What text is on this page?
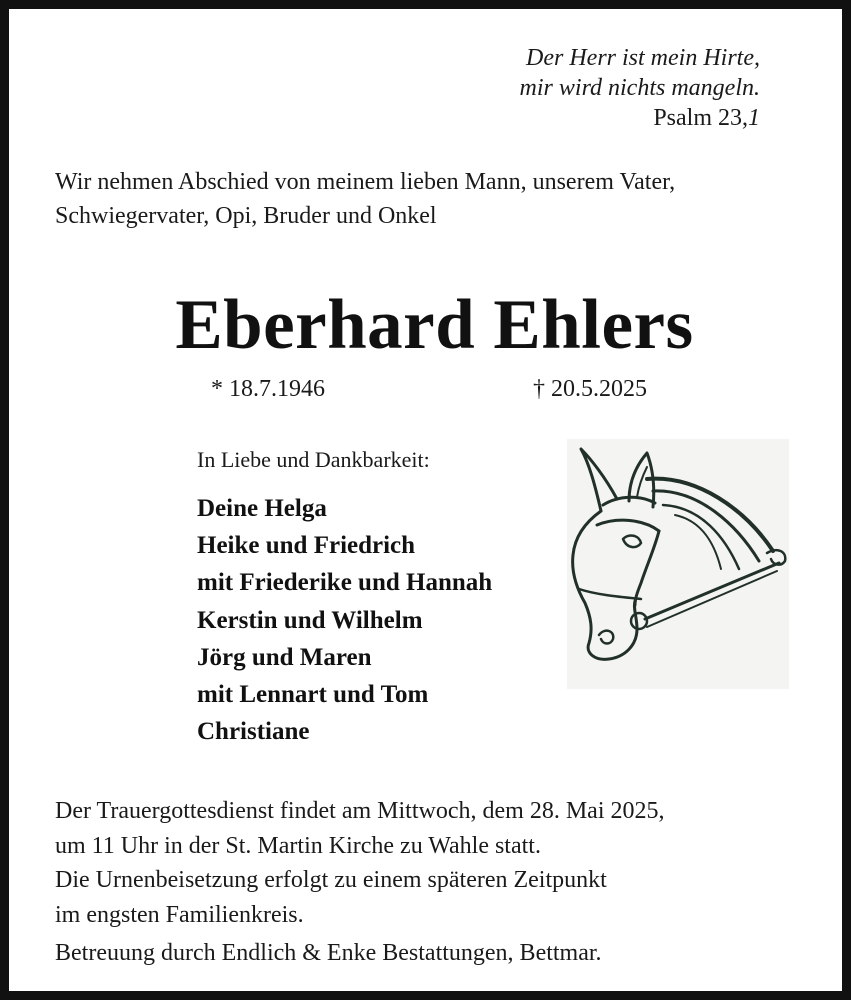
Der Herr ist mein Hirte,
mir wird nichts mangeln.
Psalm 23,1
Wir nehmen Abschied von meinem lieben Mann, unserem Vater,
Schwiegervater, Opi, Bruder und Onkel
Eberhard Ehlers
* 18.7.1946	† 20.5.2025
In Liebe und Dankbarkeit:
Deine Helga
Heike und Friedrich
mit Friederike und Hannah
Kerstin und Wilhelm
Jörg und Maren
mit Lennart und Tom
Christiane
Der Trauergottesdienst findet am Mittwoch, dem 28. Mai 2025,
um 11 Uhr in der St. Martin Kirche zu Wahle statt.
Die Urnenbeisetzung erfolgt zu einem späteren Zeitpunkt
im engsten Familienkreis.
Betreuung durch Endlich & Enke Bestattungen, Bettmar.
